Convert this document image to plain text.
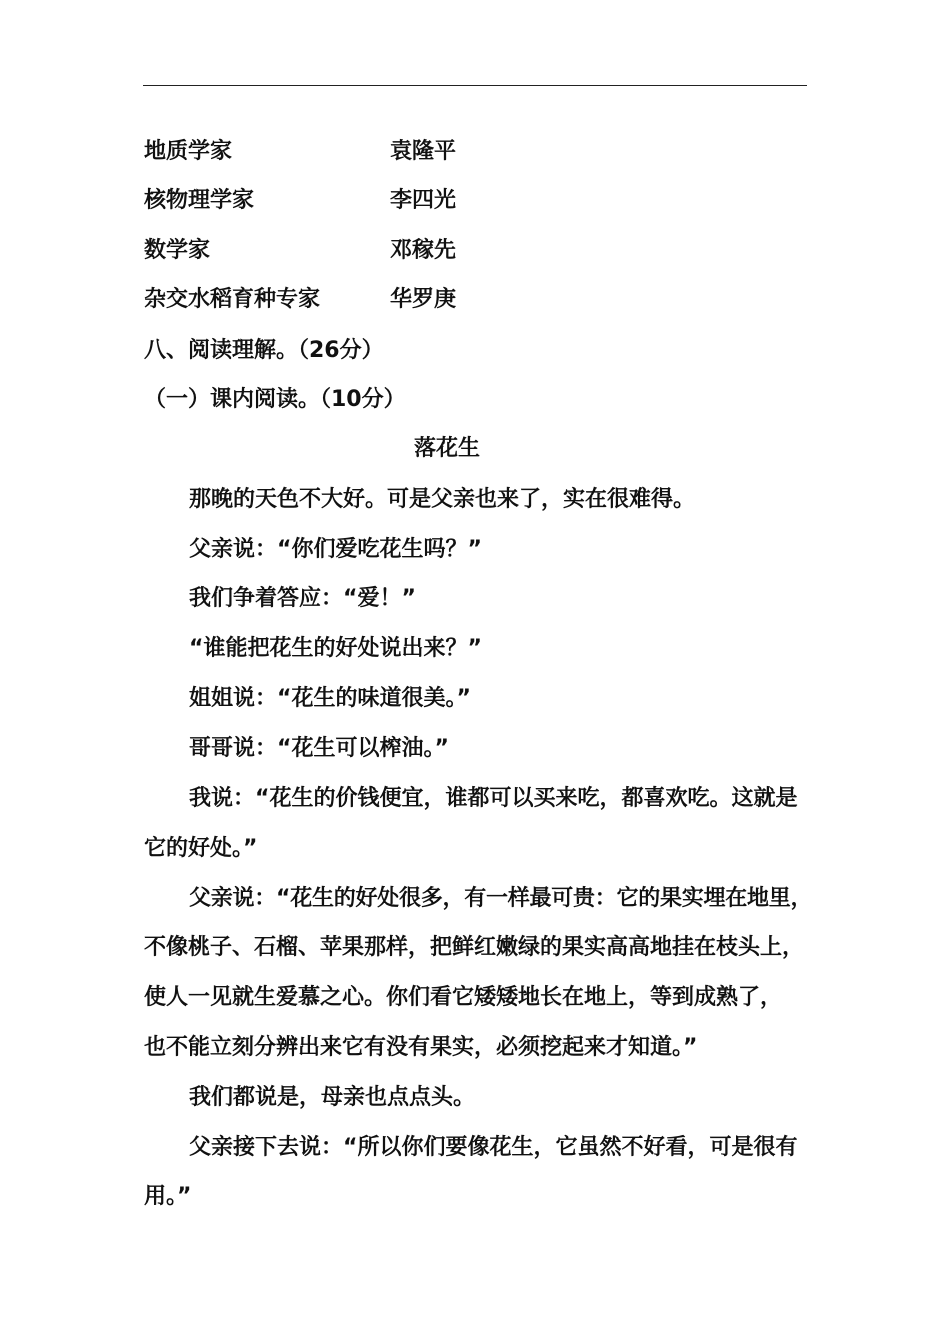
地质学家	袁隆平
核物理学家	李四光
数学家	邓稼先
杂交水稻育种专家	华罗庚
八、阅读理解。（26分）
（一）课内阅读。（10分）
落花生
那晚的天色不大好。可是父亲也来了，实在很难得。
父亲说：“你们爱吃花生吗？”
我们争着答应：“爱！”
“谁能把花生的好处说出来？”
姐姐说：“花生的味道很美。”
哥哥说：“花生可以榨油。”
我说：“花生的价钱便宜，谁都可以买来吃，都喜欢吃。这就是
它的好处。”
父亲说：“花生的好处很多，有一样最可贵：它的果实埋在地里，
不像桃子、石榴、苹果那样，把鲜红嫩绿的果实高高地挂在枝头上，
使人一见就生爱慕之心。你们看它矮矮地长在地上，等到成熟了，
也不能立刻分辨出来它有没有果实，必须挖起来才知道。”
我们都说是，母亲也点点头。
父亲接下去说：“所以你们要像花生，它虽然不好看，可是很有
用。”
